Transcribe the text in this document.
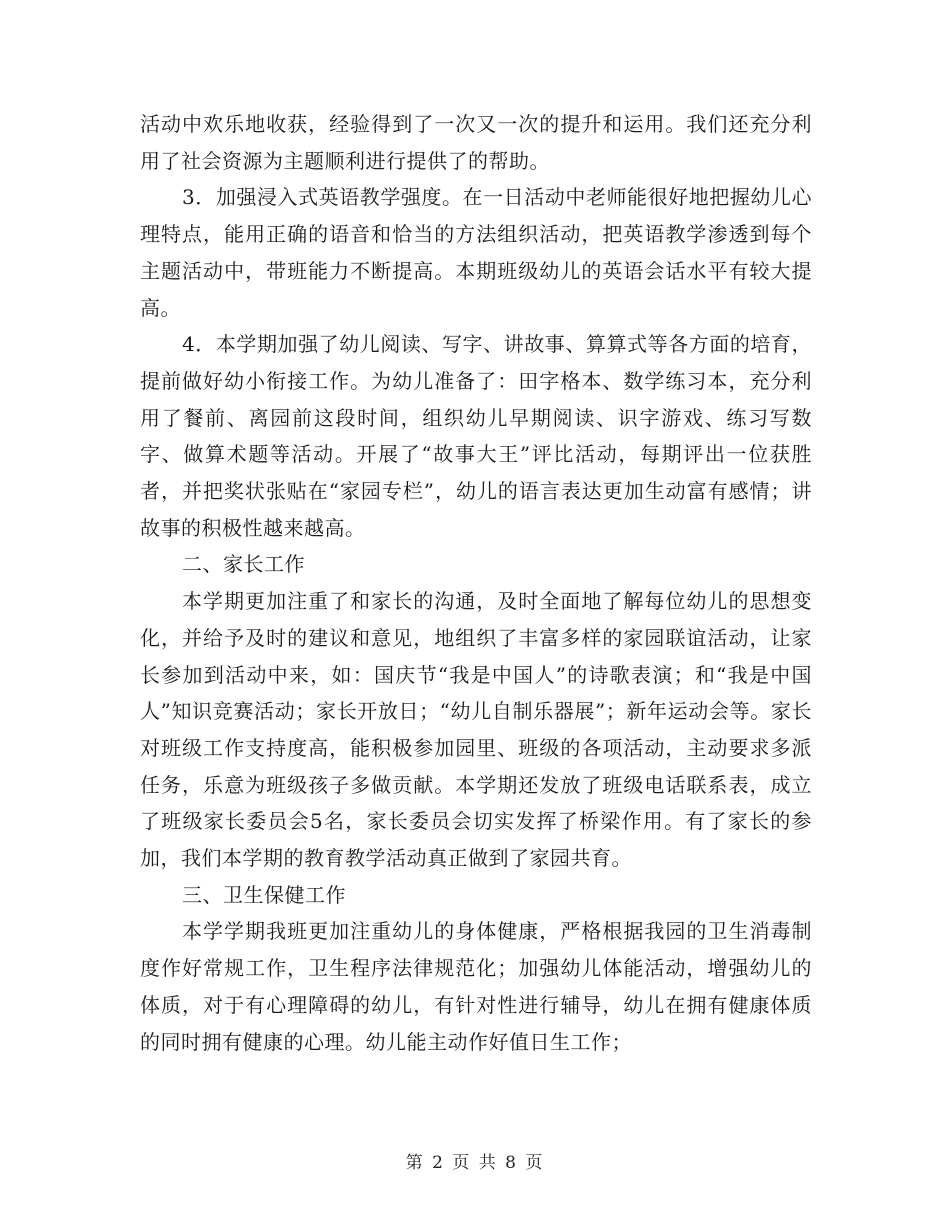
活动中欢乐地收获，经验得到了一次又一次的提升和运用。我们还充分利用了社会资源为主题顺利进行提供了的帮助。

3．加强浸入式英语教学强度。在一日活动中老师能很好地把握幼儿心理特点，能用正确的语音和恰当的方法组织活动，把英语教学渗透到每个主题活动中，带班能力不断提高。本期班级幼儿的英语会话水平有较大提高。

4．本学期加强了幼儿阅读、写字、讲故事、算算式等各方面的培育，提前做好幼小衔接工作。为幼儿准备了：田字格本、数学练习本，充分利用了餐前、离园前这段时间，组织幼儿早期阅读、识字游戏、练习写数字、做算术题等活动。开展了“故事大王”评比活动，每期评出一位获胜者，并把奖状张贴在“家园专栏”，幼儿的语言表达更加生动富有感情；讲故事的积极性越来越高。

二、家长工作

本学期更加注重了和家长的沟通，及时全面地了解每位幼儿的思想变化，并给予及时的建议和意见，地组织了丰富多样的家园联谊活动，让家长参加到活动中来，如：国庆节“我是中国人”的诗歌表演；和“我是中国人”知识竞赛活动；家长开放日；“幼儿自制乐器展”；新年运动会等。家长对班级工作支持度高，能积极参加园里、班级的各项活动，主动要求多派任务，乐意为班级孩子多做贡献。本学期还发放了班级电话联系表，成立了班级家长委员会5名，家长委员会切实发挥了桥梁作用。有了家长的参加，我们本学期的教育教学活动真正做到了家园共育。

三、卫生保健工作

本学学期我班更加注重幼儿的身体健康，严格根据我园的卫生消毒制度作好常规工作，卫生程序法律规范化；加强幼儿体能活动，增强幼儿的体质，对于有心理障碍的幼儿，有针对性进行辅导，幼儿在拥有健康体质的同时拥有健康的心理。幼儿能主动作好值日生工作；

第 2 页 共 8 页
